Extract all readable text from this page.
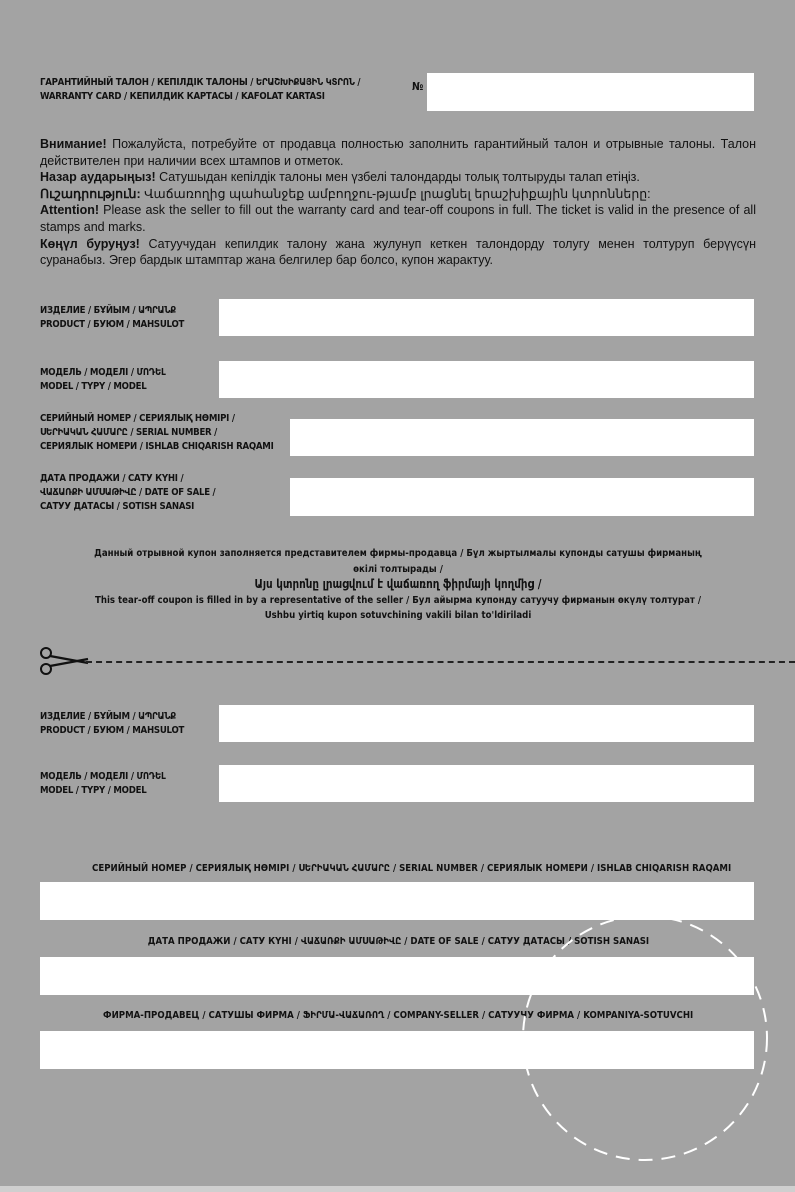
ГАРАНТИЙНЫЙ ТАЛОН / КЕПІЛДІК ТАЛОНЫ / ԵՐԱՇԽԻՔԱՅԻՆ ԿՏՐՈՆ /
WARRANTY CARD / КЕПИЛДИК КАРТАСЫ / KAFOLAT KARTASI
№

Внимание! Пожалуйста, потребуйте от продавца полностью заполнить гарантийный талон и отрывные талоны. Талон действителен при наличии всех штампов и отметок.

Назар аударыңыз! Сатушыдан кепілдік талоны мен үзбелі талондарды толық толтыруды талап етіңіз.

Ուշադրություն: Վաճառողից պահանջեք ամբողջու-թյամբ լրացնել երաշխիքային կտրոնները:

Attention! Please ask the seller to fill out the warranty card and tear-off coupons in full. The ticket is valid in the presence of all stamps and marks.

Көңүл буруңуз! Сатуучудан кепилдик талону жана жулунуп кеткен талондорду толугу менен толтуруп берүүсүн суранабыз. Эгер бардык штамптар жана белгилер бар болсо, купон жарактуу.

ИЗДЕЛИЕ / БҰЙЫМ / ԱՊՐԱՆՔ
PRODUCT / БУЮМ / MAHSULOT
МОДЕЛЬ / МОДЕЛІ / ՄՈԴԵԼ
MODEL / TYPY / MODEL
СЕРИЙНЫЙ НОМЕР / СЕРИЯЛЫҚ НӨМІРІ /
ՍԵՐԻԱԿԱՆ ՀԱՄԱՐԸ / SERIAL NUMBER /
СЕРИЯЛЫК НОМЕРИ / ISHLAB CHIQARISH RAQAMI
ДАТА ПРОДАЖИ / САТУ КҮНІ /
ՎԱՃԱՌՔԻ ԱՄՍԱԹԻՎԸ / DATE OF SALE /
САТУУ ДАТАСЫ / SOTISH SANASI
Данный отрывной купон заполняется представителем фирмы-продавца / Бұл жыртылмалы купонды сатушы фирманың өкілі толтырады /
Այս կտրոնը լրացվում է վաճառող ֆիրմայի կողմից /
This tear-off coupon is filled in by a representative of the seller / Бул айырма купонду сатуучу фирманын өкүлү толтурат /
Ushbu yirtiq kupon sotuvchining vakili bilan to'ldiriladi
ИЗДЕЛИЕ / БҰЙЫМ / ԱՊՐԱՆՔ
PRODUCT / БУЮМ / MAHSULOT
МОДЕЛЬ / МОДЕЛІ / ՄՈԴԵԼ
MODEL / TYPY / MODEL
СЕРИЙНЫЙ НОМЕР / СЕРИЯЛЫҚ НӨМІРІ / ՍԵՐԻԱԿԱՆ ՀԱՄԱՐԸ / SERIAL NUMBER / СЕРИЯЛЫК НОМЕРИ / ISHLAB CHIQARISH RAQAMI
ДАТА ПРОДАЖИ / САТУ КҮНІ / ՎԱՃԱՌՔԻ ԱՄՍԱԹԻՎԸ / DATE OF SALE / САТУУ ДАТАСЫ / SOTISH SANASI
ФИРМА-ПРОДАВЕЦ / САТУШЫ ФИРМА / ՖԻՐՄԱ-ՎԱՃԱՌՈՂ / COMPANY-SELLER / САТУУЧУ ФИРМА / KOMPANIYA-SOTUVCHI
